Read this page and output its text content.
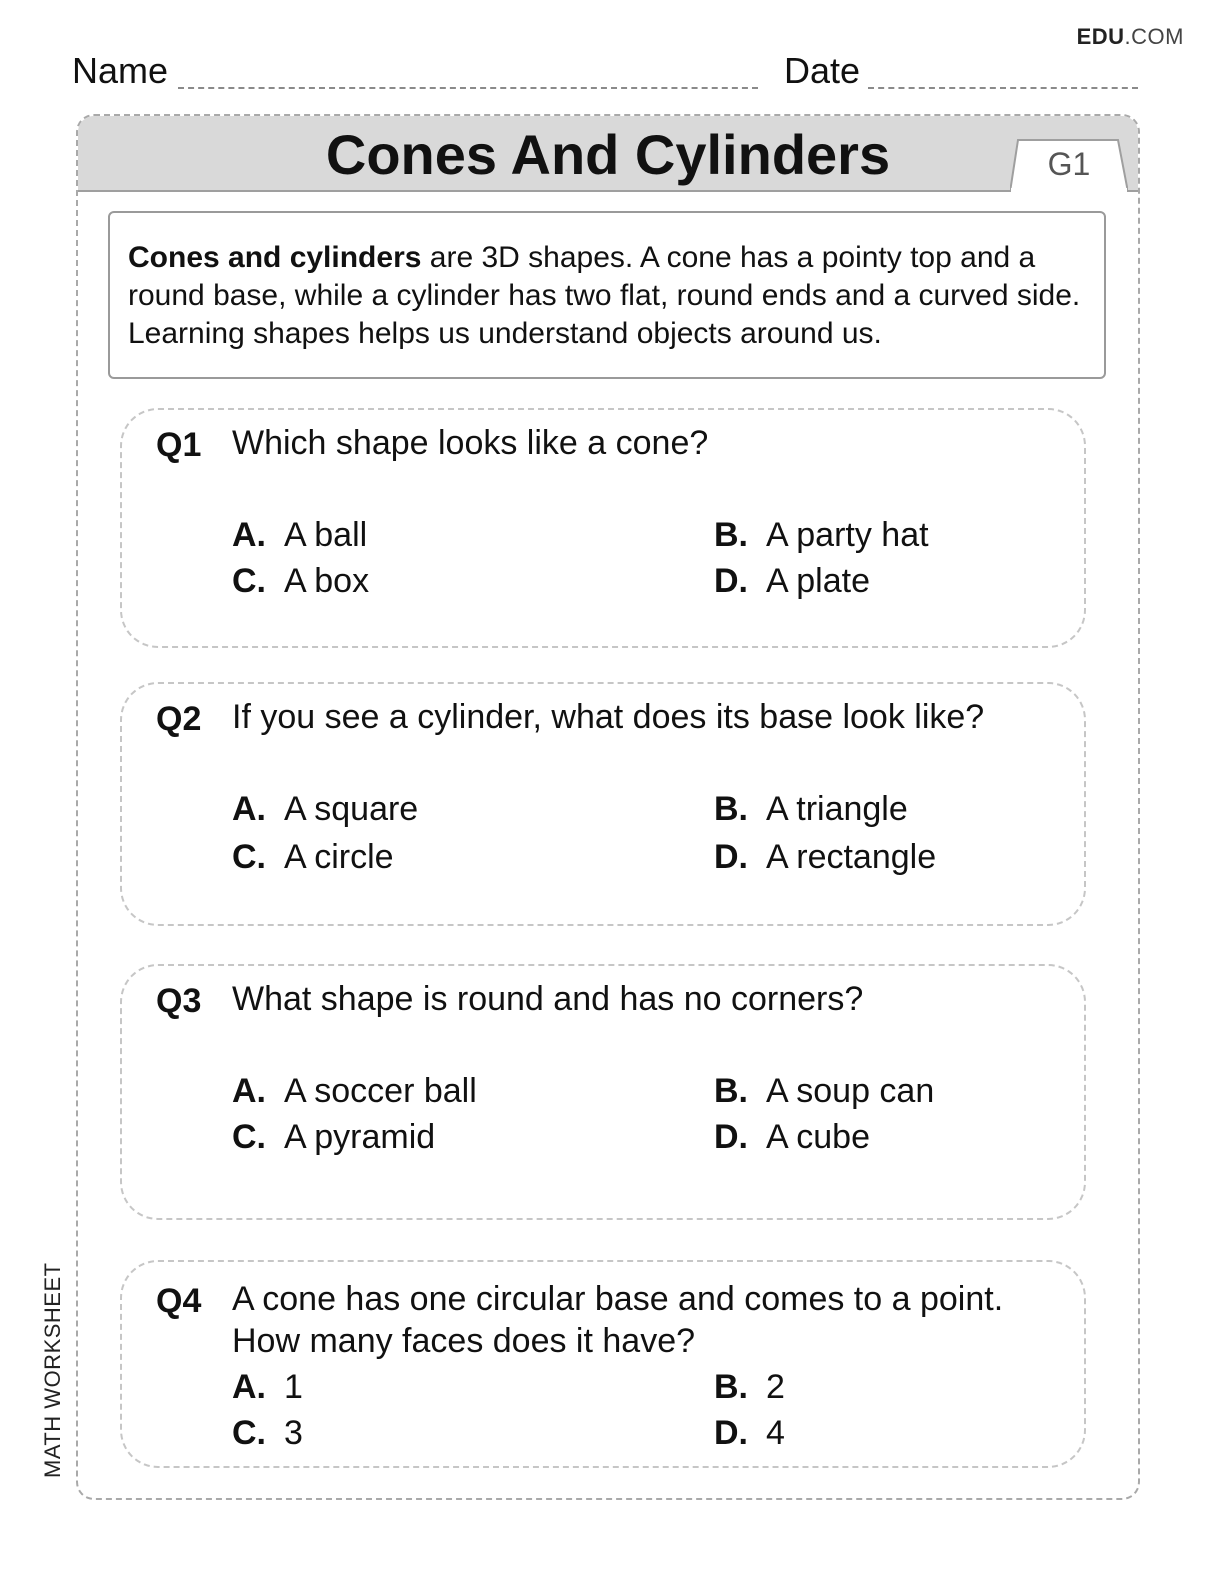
EDU.COM
Name	Date
Cones And Cylinders	G1
Cones and cylinders are 3D shapes. A cone has a pointy top and a round base, while a cylinder has two flat, round ends and a curved side. Learning shapes helps us understand objects around us.
Q1 Which shape looks like a cone?
A. A ball	B. A party hat
C. A box	D. A plate
Q2 If you see a cylinder, what does its base look like?
A. A square	B. A triangle
C. A circle	D. A rectangle
Q3 What shape is round and has no corners?
A. A soccer ball	B. A soup can
C. A pyramid	D. A cube
Q4 A cone has one circular base and comes to a point. How many faces does it have?
A. 1	B. 2
C. 3	D. 4
MATH WORKSHEET
